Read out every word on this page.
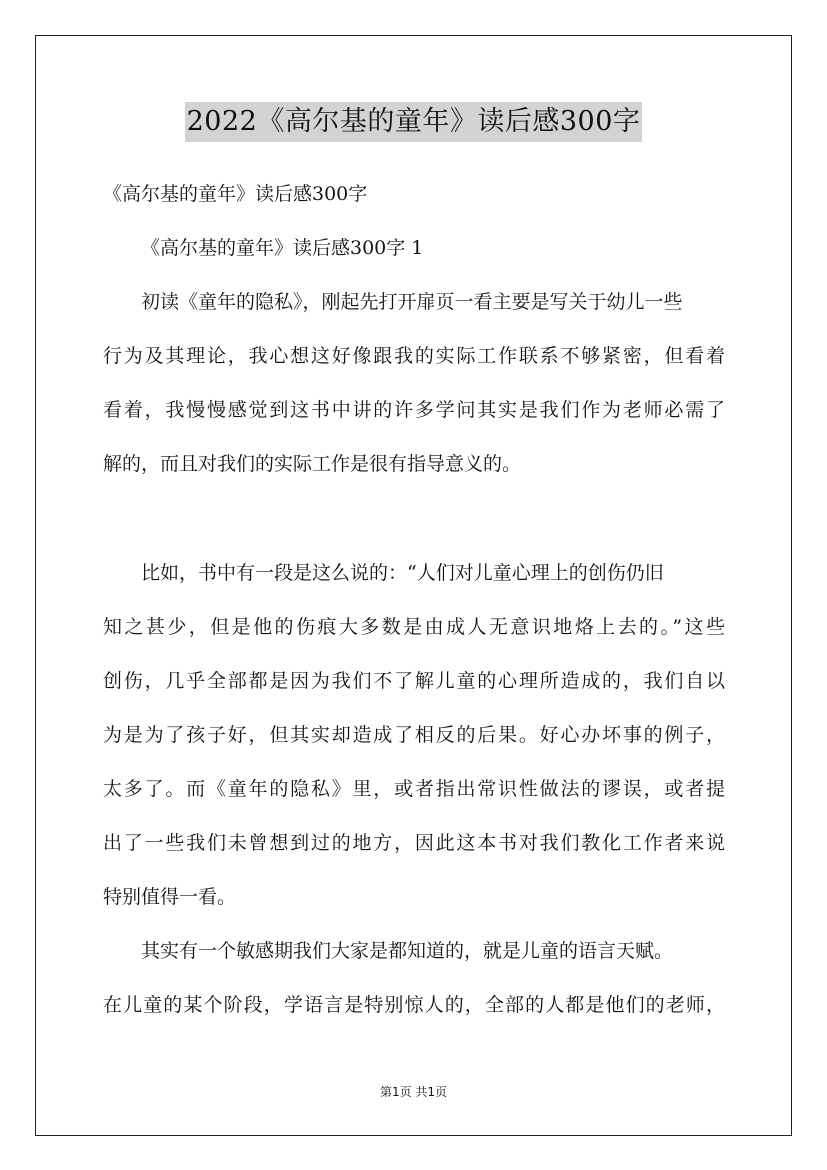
2022《高尔基的童年》读后感300字
《高尔基的童年》读后感300字
《高尔基的童年》读后感300字 1
初读《童年的隐私》，刚起先打开扉页一看主要是写关于幼儿一些
行为及其理论，我心想这好像跟我的实际工作联系不够紧密，但看着
看着，我慢慢感觉到这书中讲的许多学问其实是我们作为老师必需了
解的，而且对我们的实际工作是很有指导意义的。
比如，书中有一段是这么说的：“人们对儿童心理上的创伤仍旧
知之甚少，但是他的伤痕大多数是由成人无意识地烙上去的。”这些
创伤，几乎全部都是因为我们不了解儿童的心理所造成的，我们自以
为是为了孩子好，但其实却造成了相反的后果。好心办坏事的例子，
太多了。而《童年的隐私》里，或者指出常识性做法的谬误，或者提
出了一些我们未曾想到过的地方，因此这本书对我们教化工作者来说
特别值得一看。
其实有一个敏感期我们大家是都知道的，就是儿童的语言天赋。
在儿童的某个阶段，学语言是特别惊人的，全部的人都是他们的老师，
第1页 共1页
